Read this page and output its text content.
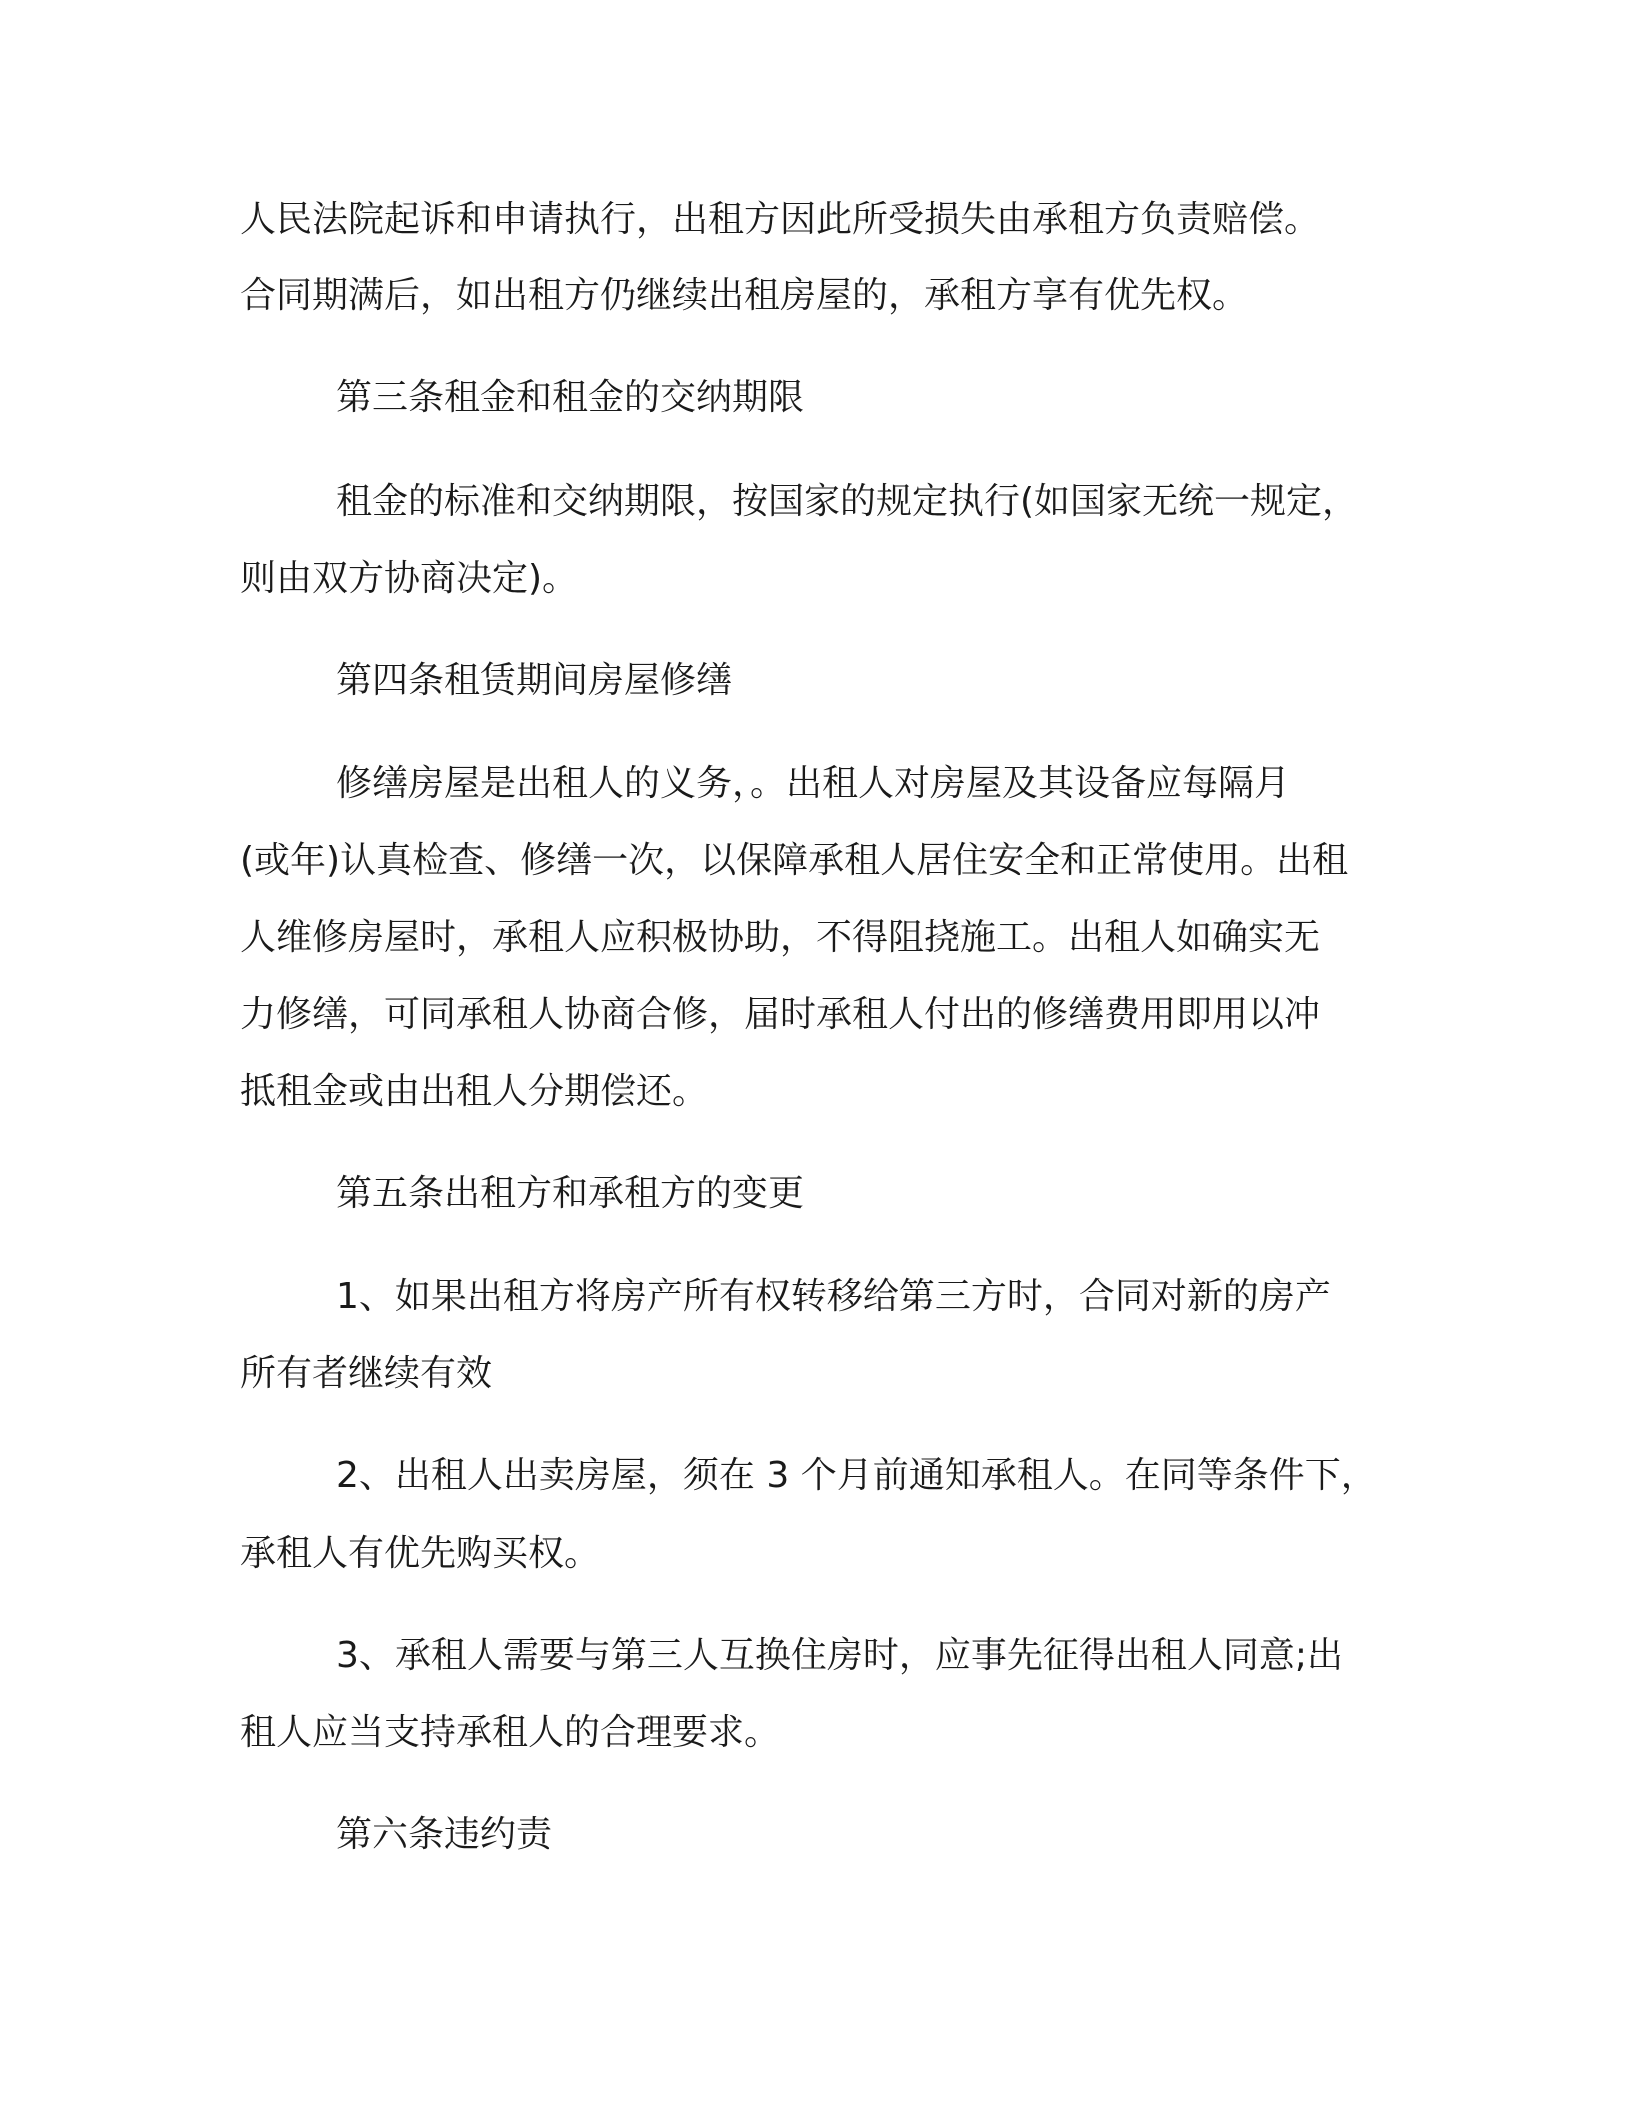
人民法院起诉和申请执行，出租方因此所受损失由承租方负责赔偿。
合同期满后，如出租方仍继续出租房屋的，承租方享有优先权。
第三条租金和租金的交纳期限
租金的标准和交纳期限，按国家的规定执行(如国家无统一规定，
则由双方协商决定)。
第四条租赁期间房屋修缮
修缮房屋是出租人的义务，。出租人对房屋及其设备应每隔月
(或年)认真检查、修缮一次，以保障承租人居住安全和正常使用。出租
人维修房屋时，承租人应积极协助，不得阻挠施工。出租人如确实无
力修缮，可同承租人协商合修，届时承租人付出的修缮费用即用以冲
抵租金或由出租人分期偿还。
第五条出租方和承租方的变更
1、如果出租方将房产所有权转移给第三方时，合同对新的房产
所有者继续有效
2、出租人出卖房屋，须在 3 个月前通知承租人。在同等条件下，
承租人有优先购买权。
3、承租人需要与第三人互换住房时，应事先征得出租人同意;出
租人应当支持承租人的合理要求。
第六条违约责
